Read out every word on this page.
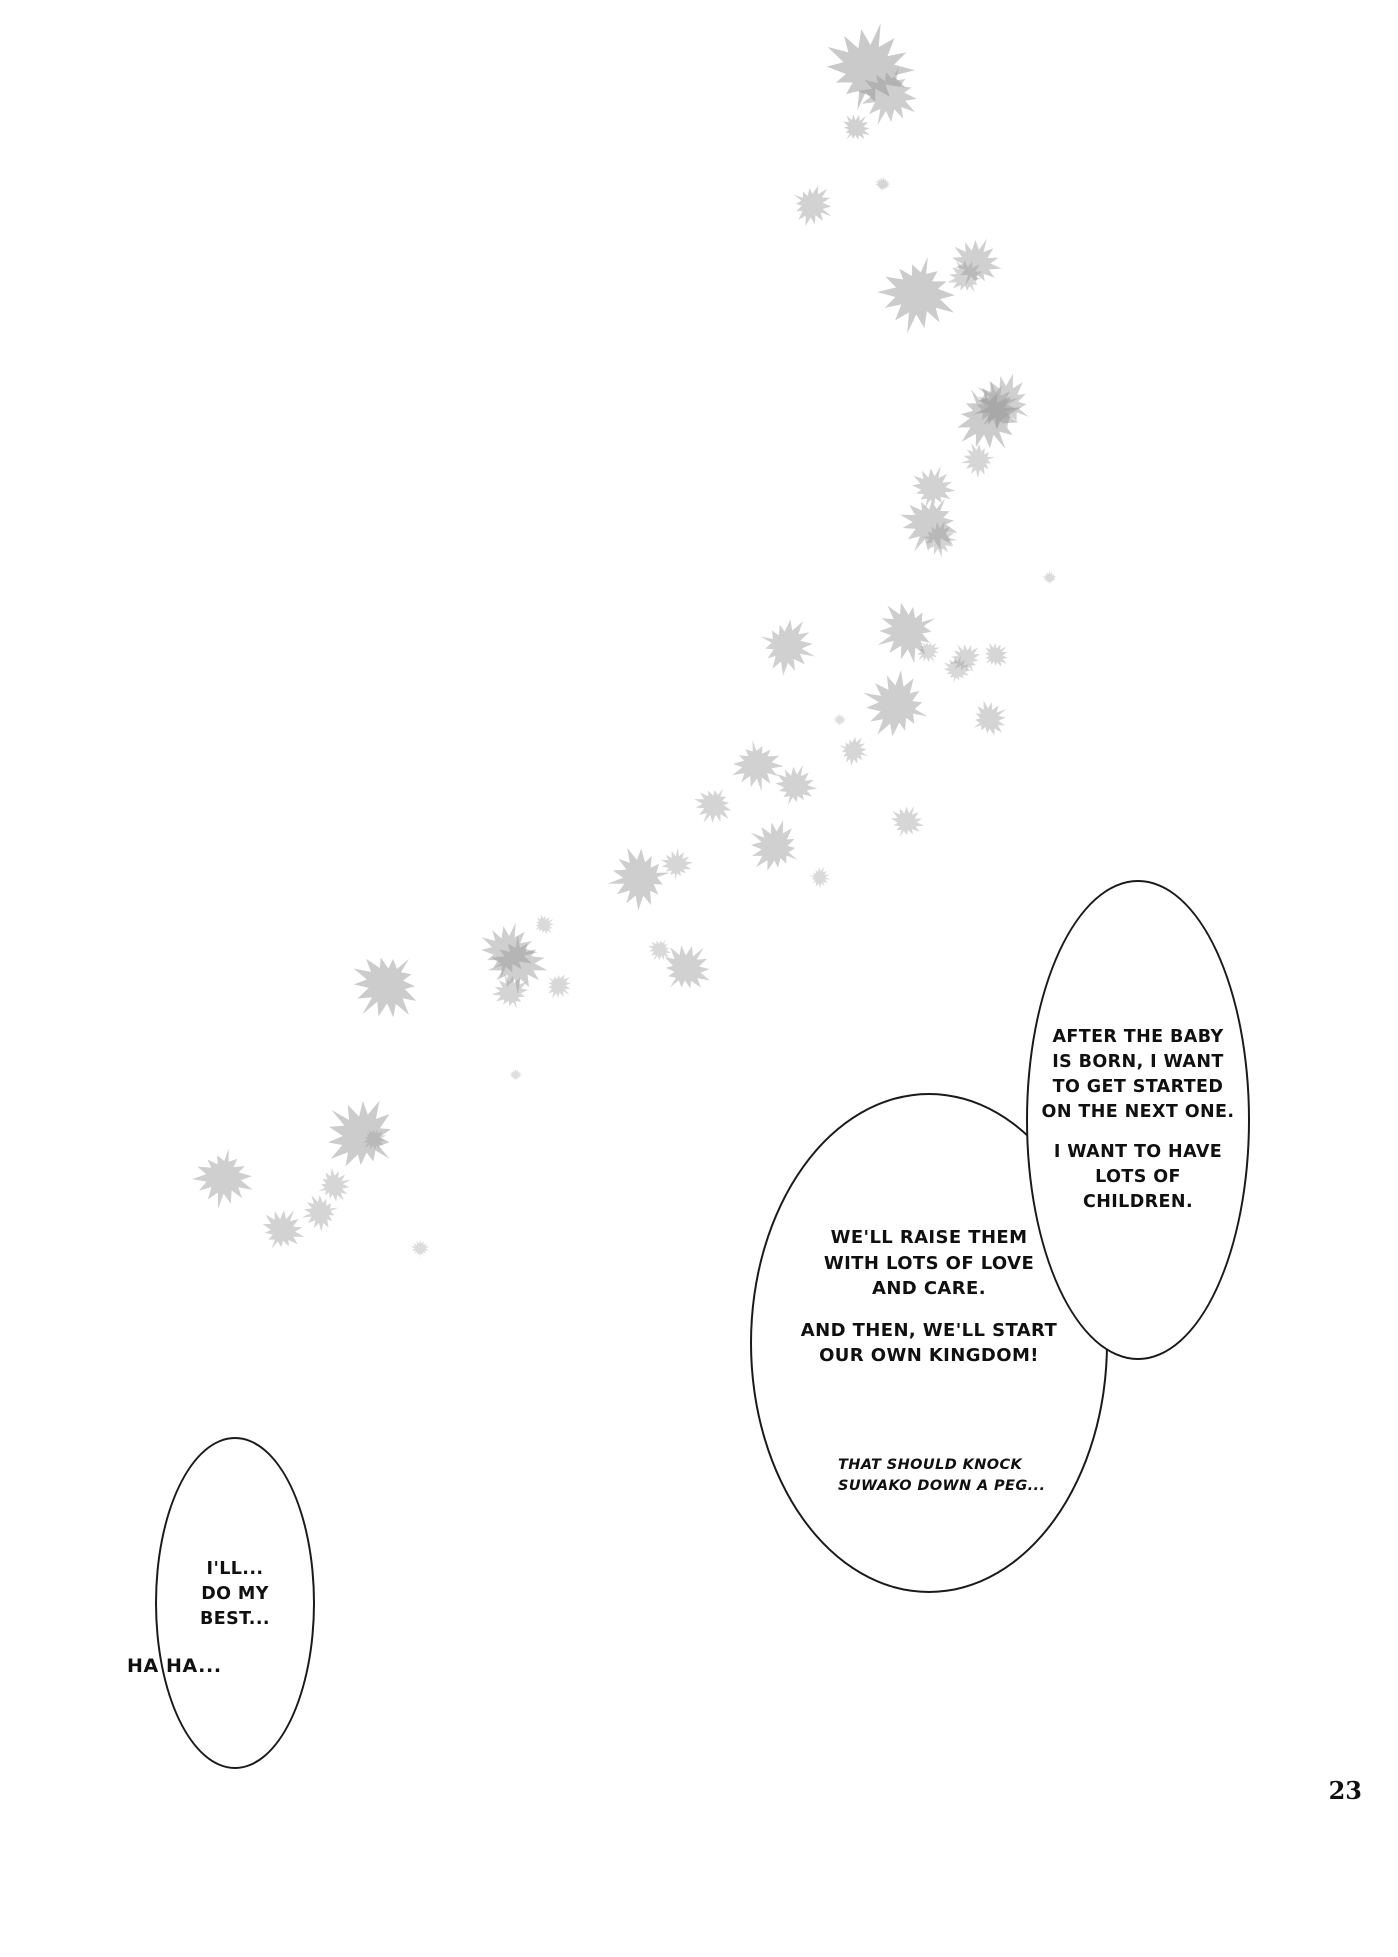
AFTER THE BABY

IS BORN, I WANT

TO GET STARTED

ON THE NEXT ONE.

I WANT TO HAVE

LOTS OF

CHILDREN.

WE'LL RAISE THEM

WITH LOTS OF LOVE

AND CARE.

AND THEN, WE'LL START

OUR OWN KINGDOM!

THAT SHOULD KNOCK

SUWAKO DOWN A PEG...

I'LL...

DO MY

BEST...

HA HA...
23
